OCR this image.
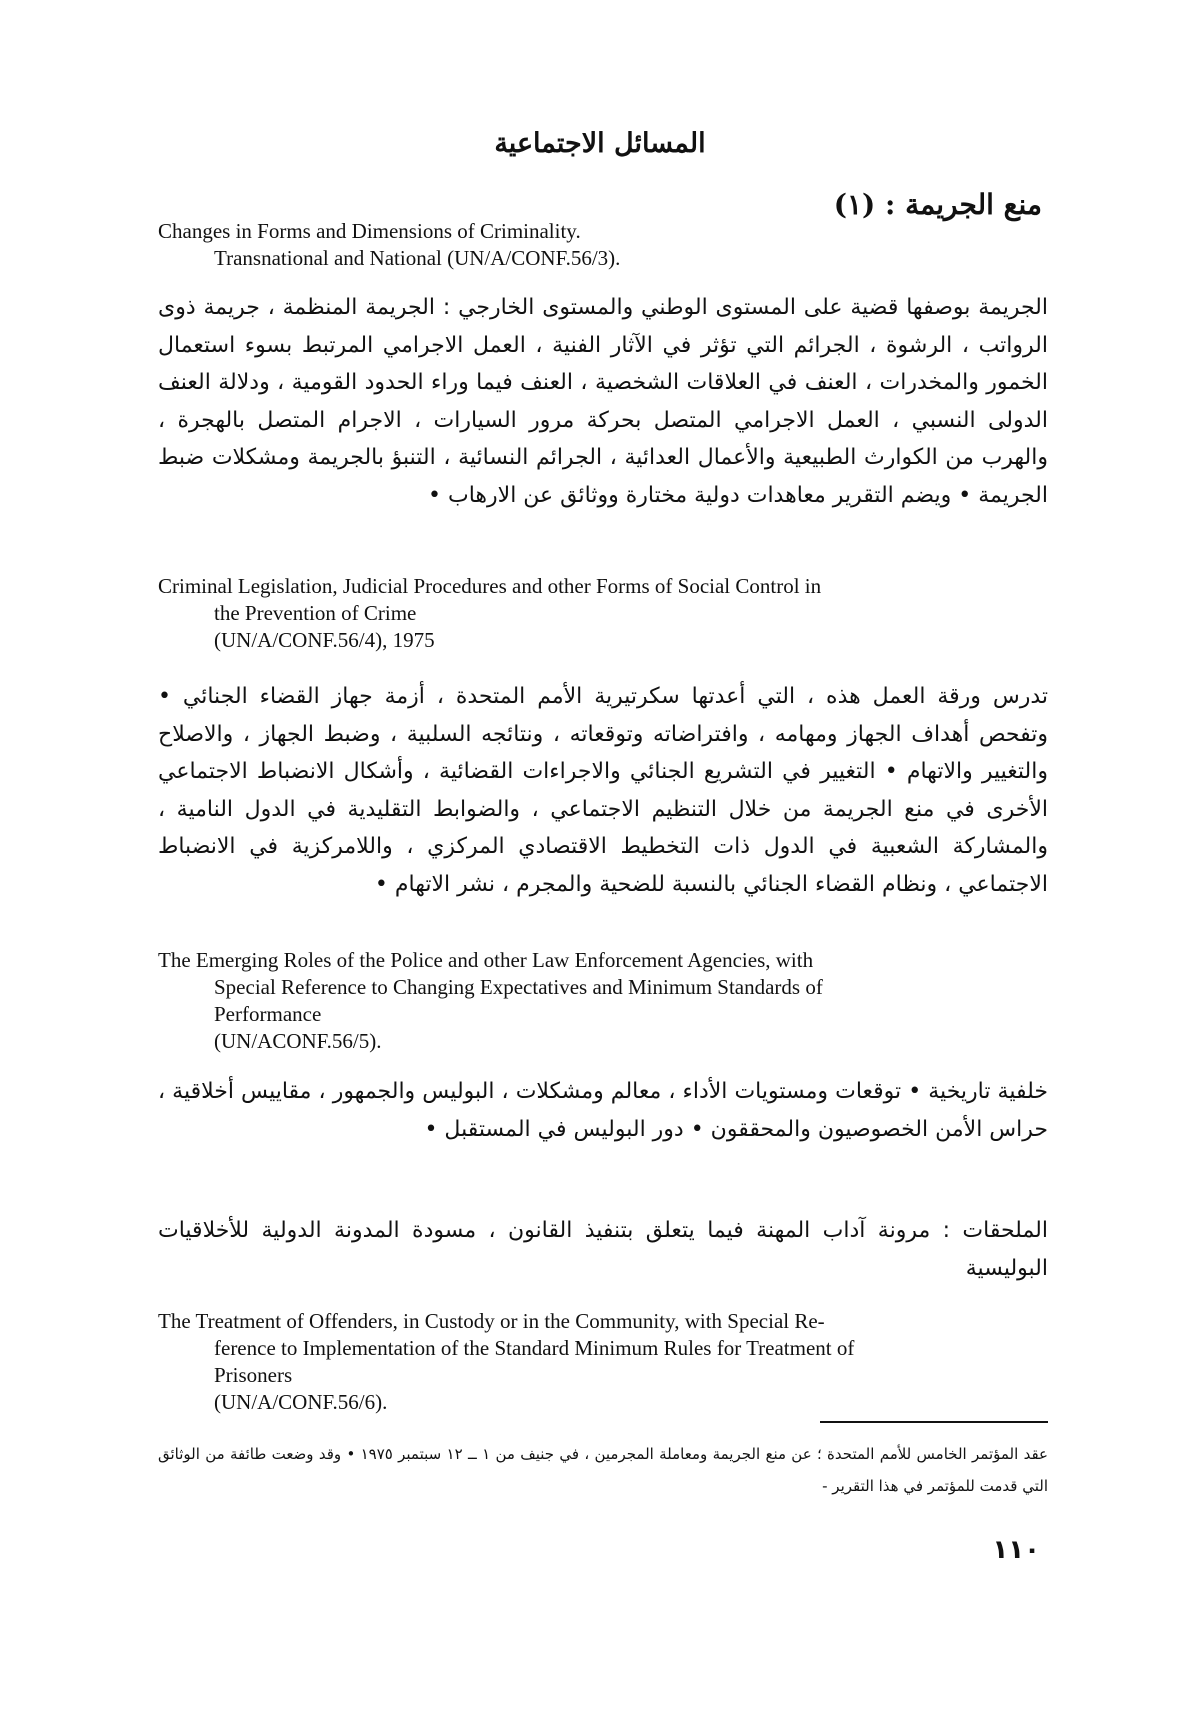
المسائل الاجتماعية
منع الجريمة : (١)
Changes in Forms and Dimensions of Criminality.
Transnational and National (UN/A/CONF.56/3).
الجريمة بوصفها قضية على المستوى الوطني والمستوى الخارجي : الجريمة المنظمة ، جريمة ذوى الرواتب ، الرشوة ، الجرائم التي تؤثر في الآثار الفنية ، العمل الاجرامي المرتبط بسوء استعمال الخمور والمخدرات ، العنف في العلاقات الشخصية ، العنف فيما وراء الحدود القومية ، ودلالة العنف الدولى النسبي ، العمل الاجرامي المتصل بحركة مرور السيارات ، الاجرام المتصل بالهجرة ، والهرب من الكوارث الطبيعية والأعمال العدائية ، الجرائم النسائية ، التنبؤ بالجريمة ومشكلات ضبط الجريمة • ويضم التقرير معاهدات دولية مختارة ووثائق عن الارهاب •
Criminal Legislation, Judicial Procedures and other Forms of Social Control in
the Prevention of Crime
(UN/A/CONF.56/4), 1975
تدرس ورقة العمل هذه ، التي أعدتها سكرتيرية الأمم المتحدة ، أزمة جهاز القضاء الجنائي • وتفحص أهداف الجهاز ومهامه ، وافتراضاته وتوقعاته ، ونتائجه السلبية ، وضبط الجهاز ، والاصلاح والتغيير والاتهام • التغيير في التشريع الجنائي والاجراءات القضائية ، وأشكال الانضباط الاجتماعي الأخرى في منع الجريمة من خلال التنظيم الاجتماعي ، والضوابط التقليدية في الدول النامية ، والمشاركة الشعبية في الدول ذات التخطيط الاقتصادي المركزي ، واللامركزية في الانضباط الاجتماعي ، ونظام القضاء الجنائي بالنسبة للضحية والمجرم ، نشر الاتهام •
The Emerging Roles of the Police and other Law Enforcement Agencies, with
Special Reference to Changing Expectatives and Minimum Standards of
Performance
(UN/ACONF.56/5).
خلفية تاريخية • توقعات ومستويات الأداء ، معالم ومشكلات ، البوليس والجمهور ، مقاييس أخلاقية ، حراس الأمن الخصوصيون والمحققون • دور البوليس في المستقبل •
الملحقات : مرونة آداب المهنة فيما يتعلق بتنفيذ القانون ، مسودة المدونة الدولية للأخلاقيات البوليسية
The Treatment of Offenders, in Custody or in the Community, with Special Re-
ference to Implementation of the Standard Minimum Rules for Treatment of
Prisoners
(UN/A/CONF.56/6).
عقد المؤتمر الخامس للأمم المتحدة ؛ عن منع الجريمة ومعاملة المجرمين ، في جنيف من ١ ــ ١٢ سبتمبر ١٩٧٥ • وقد وضعت طائفة من الوثائق التي قدمت للمؤتمر في هذا التقرير -
١١٠
